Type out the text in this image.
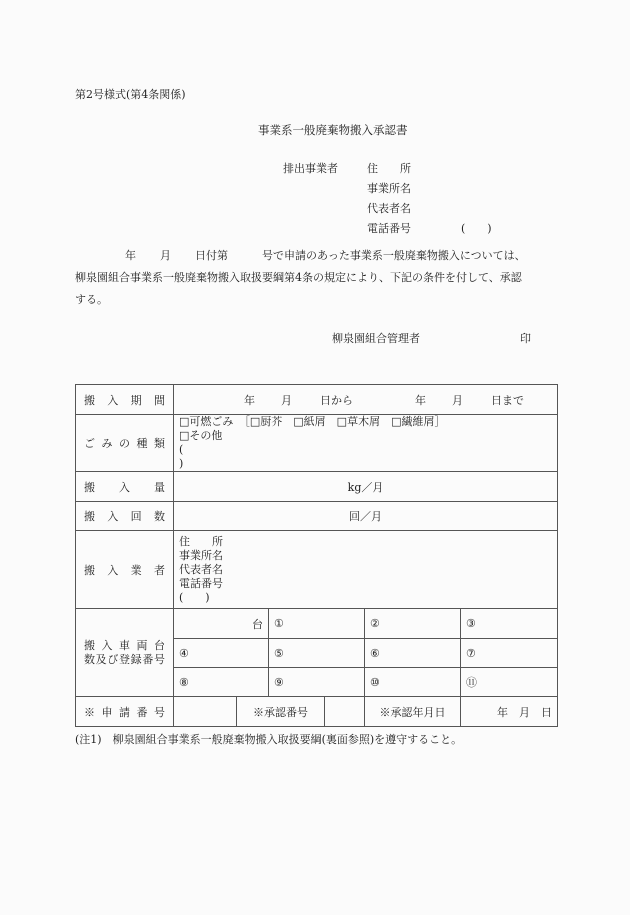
第2号様式(第4条関係)
事業系一般廃棄物搬入承認書
排出事業者	住　　所
事業所名
代表者名
電話番号	(　　)

年 月 日付第	号で申請のあった事業系一般廃棄物搬入については、

柳泉園組合事業系一般廃棄物搬入取扱要綱第4条の規定により、下記の条件を付して、承認

する。

柳泉園組合管理者	印
搬入期間	年 月 日から 年 月 日まで					
ごみの種類	□可燃ごみ　［□厨芥　□紙屑　□草木屑　□繊維屑］
□その他
(
)					

搬入量	kg／月					
搬入回数	回／月					
搬入業者	住　　所
事業所名
代表者名
電話番号
(　　)					

搬入車両台
数及び登録番号	台		①		②	③
	④		⑤		⑥	⑦
	⑧		⑨		⑩	⑪
※申請番号		※承認番号			※承認年月日	年　月　日
(注1)　柳泉園組合事業系一般廃棄物搬入取扱要綱(裏面参照)を遵守すること。
